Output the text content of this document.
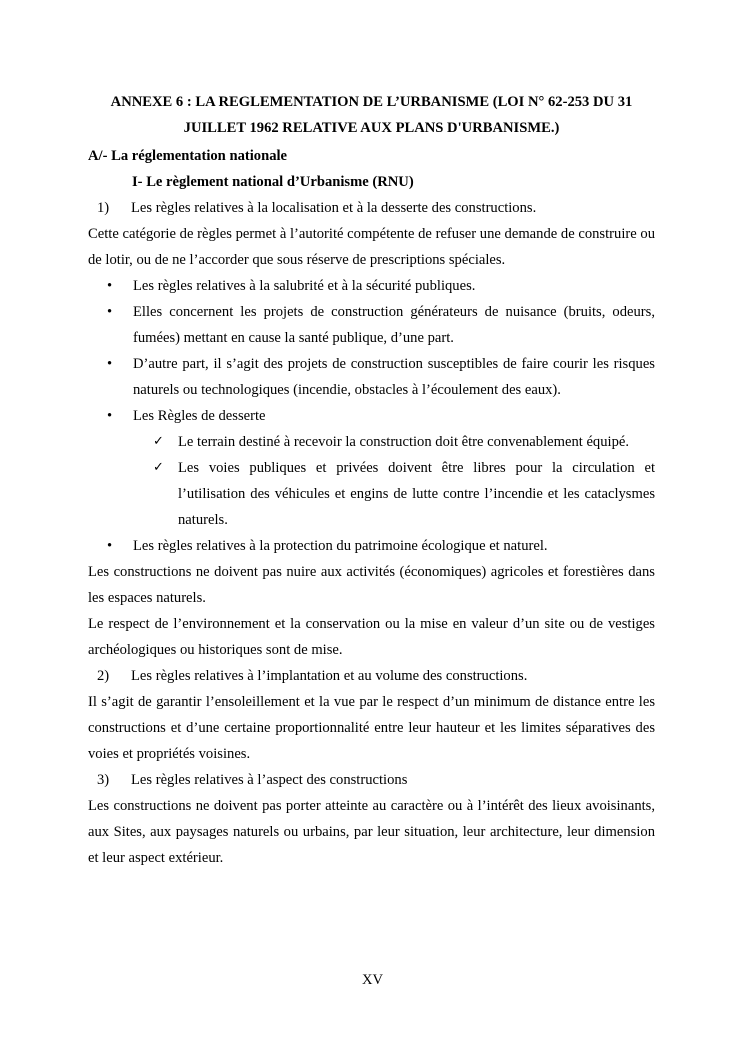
ANNEXE 6 : LA REGLEMENTATION DE L’URBANISME (LOI N° 62-253 DU 31
JUILLET 1962 RELATIVE AUX PLANS D'URBANISME.)
A/- La réglementation nationale
I- Le règlement national d’Urbanisme (RNU)
1)	Les règles relatives à la localisation et à la desserte des constructions.
Cette catégorie de règles permet à l’autorité compétente de refuser une demande de construire ou de lotir, ou de ne l’accorder que sous réserve de prescriptions spéciales.
•	Les règles relatives à la salubrité et à la sécurité publiques.
•	Elles concernent les projets de construction générateurs de nuisance (bruits, odeurs, fumées) mettant en cause la santé publique, d’une part.
•	D’autre part, il s’agit des projets de construction susceptibles de faire courir les risques naturels ou technologiques (incendie, obstacles à l’écoulement des eaux).
•	Les Règles de desserte
✓ Le terrain destiné à recevoir la construction doit être convenablement équipé.
✓ Les voies publiques et privées doivent être libres pour la circulation et l’utilisation des véhicules et engins de lutte contre l’incendie et les cataclysmes naturels.
•	Les règles relatives à la protection du patrimoine écologique et naturel.
Les constructions ne doivent pas nuire aux activités (économiques) agricoles et forestières dans les espaces naturels.
Le respect de l’environnement et la conservation ou la mise en valeur d’un site ou de vestiges archéologiques ou historiques sont de mise.
2)	Les règles relatives à l’implantation et au volume des constructions.
Il s’agit de garantir l’ensoleillement et la vue par le respect d’un minimum de distance entre les constructions et d’une certaine proportionnalité entre leur hauteur et les limites séparatives des voies et propriétés voisines.
3)	Les règles relatives à l’aspect des constructions
Les constructions ne doivent pas porter atteinte au caractère ou à l’intérêt des lieux avoisinants, aux Sites, aux paysages naturels ou urbains, par leur situation, leur architecture, leur dimension et leur aspect extérieur.
XV
